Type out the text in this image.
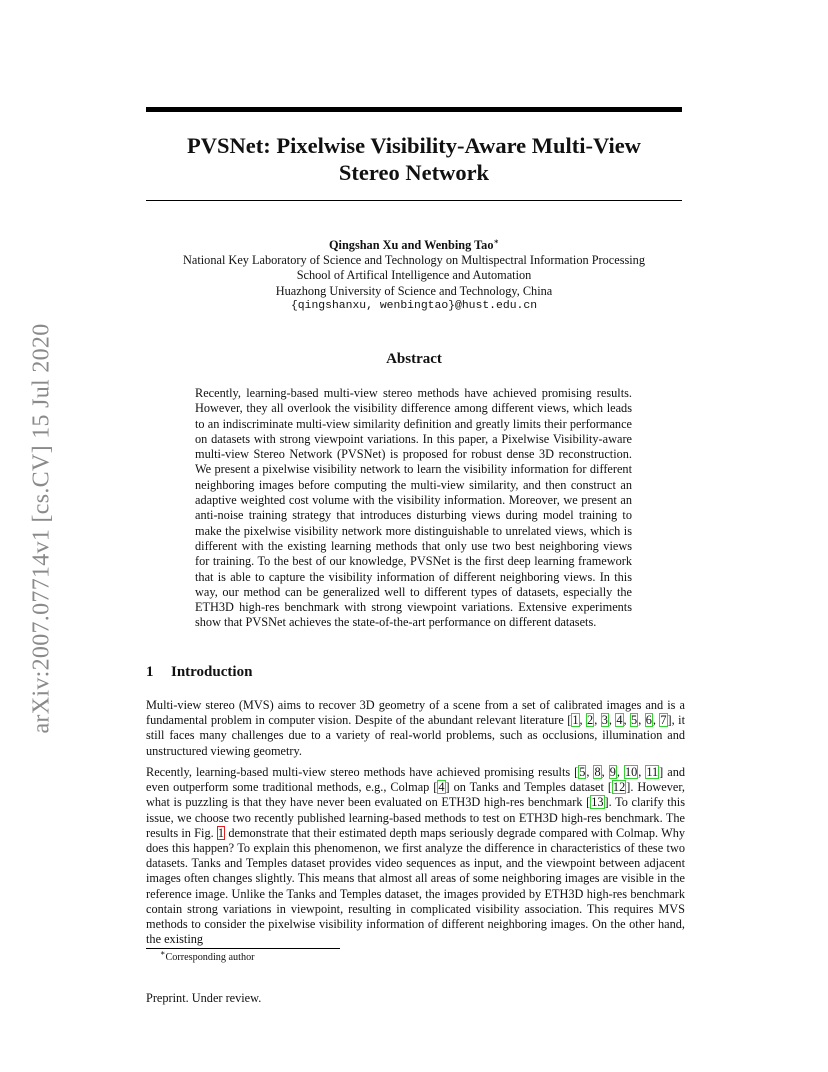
arXiv:2007.07714v1 [cs.CV] 15 Jul 2020
PVSNet: Pixelwise Visibility-Aware Multi-View
Stereo Network
Qingshan Xu and Wenbing Tao∗
National Key Laboratory of Science and Technology on Multispectral Information Processing
School of Artifical Intelligence and Automation
Huazhong University of Science and Technology, China
{qingshanxu, wenbingtao}@hust.edu.cn
Abstract

Recently, learning-based multi-view stereo methods have achieved promising results. However, they all overlook the visibility difference among different views, which leads to an indiscriminate multi-view similarity definition and greatly limits their performance on datasets with strong viewpoint variations. In this paper, a Pixelwise Visibility-aware multi-view Stereo Network (PVSNet) is proposed for robust dense 3D reconstruction. We present a pixelwise visibility network to learn the visibility information for different neighboring images before computing the multi-view similarity, and then construct an adaptive weighted cost volume with the visibility information. Moreover, we present an anti-noise training strategy that introduces disturbing views during model training to make the pixelwise visibility network more distinguishable to unrelated views, which is different with the existing learning methods that only use two best neighboring views for training. To the best of our knowledge, PVSNet is the first deep learning framework that is able to capture the visibility information of different neighboring views. In this way, our method can be generalized well to different types of datasets, especially the ETH3D high-res benchmark with strong viewpoint variations. Extensive experiments show that PVSNet achieves the state-of-the-art performance on different datasets.

1 Introduction

Multi-view stereo (MVS) aims to recover 3D geometry of a scene from a set of calibrated images and is a fundamental problem in computer vision. Despite of the abundant relevant literature [1, 2, 3, 4, 5, 6, 7], it still faces many challenges due to a variety of real-world problems, such as occlusions, illumination and unstructured viewing geometry.

Recently, learning-based multi-view stereo methods have achieved promising results [5, 8, 9, 10, 11] and even outperform some traditional methods, e.g., Colmap [4] on Tanks and Temples dataset [12]. However, what is puzzling is that they have never been evaluated on ETH3D high-res benchmark [13]. To clarify this issue, we choose two recently published learning-based methods to test on ETH3D high-res benchmark. The results in Fig. 1 demonstrate that their estimated depth maps seriously degrade compared with Colmap. Why does this happen? To explain this phenomenon, we first analyze the difference in characteristics of these two datasets. Tanks and Temples dataset provides video sequences as input, and the viewpoint between adjacent images often changes slightly. This means that almost all areas of some neighboring images are visible in the reference image. Unlike the Tanks and Temples dataset, the images provided by ETH3D high-res benchmark contain strong variations in viewpoint, resulting in complicated visibility association. This requires MVS methods to consider the pixelwise visibility information of different neighboring images. On the other hand, the existing

∗Corresponding author

Preprint. Under review.
